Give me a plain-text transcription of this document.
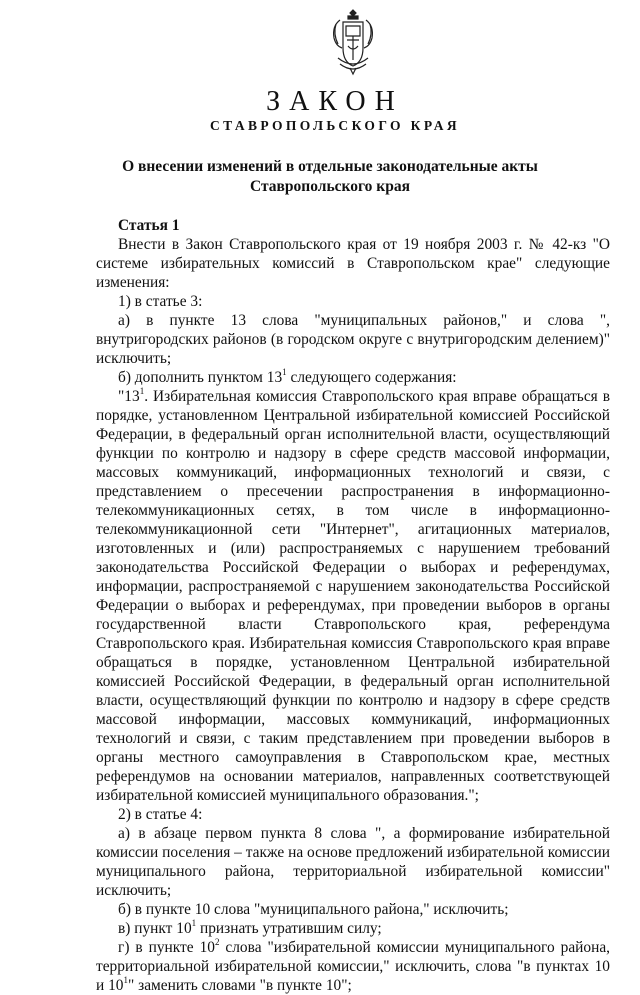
ЗАКОН
СТАВРОПОЛЬСКОГО КРАЯ
О внесении изменений в отдельные законодательные акты
Ставропольского края

Статья 1

Внести в Закон Ставропольского края от 19 ноября 2003 г. № 42-кз "О системе избирательных комиссий в Ставропольском крае" следующие изменения:

1) в статье 3:

а) в пункте 13 слова "муниципальных районов," и слова ", внутригородских районов (в городском округе с внутригородским делением)" исключить;

б) дополнить пунктом $13^1$ следующего содержания:

"$13^1$. Избирательная комиссия Ставропольского края вправе обращаться в порядке, установленном Центральной избирательной комиссией Российской Федерации, в федеральный орган исполнительной власти, осуществляющий функции по контролю и надзору в сфере средств массовой информации, массовых коммуникаций, информационных технологий и связи, с представлением о пресечении распространения в информационно-телекоммуникационных сетях, в том числе в информационно-телекоммуникационной сети "Интернет", агитационных материалов, изготовленных и (или) распространяемых с нарушением требований законодательства Российской Федерации о выборах и референдумах, информации, распространяемой с нарушением законодательства Российской Федерации о выборах и референдумах, при проведении выборов в органы государственной власти Ставропольского края, референдума Ставропольского края. Избирательная комиссия Ставропольского края вправе обращаться в порядке, установленном Центральной избирательной комиссией Российской Федерации, в федеральный орган исполнительной власти, осуществляющий функции по контролю и надзору в сфере средств массовой информации, массовых коммуникаций, информационных технологий и связи, с таким представлением при проведении выборов в органы местного самоуправления в Ставропольском крае, местных референдумов на основании материалов, направленных соответствующей избирательной комиссией муниципального образования.";

2) в статье 4:

а) в абзаце первом пункта 8 слова ", а формирование избирательной комиссии поселения – также на основе предложений избирательной комиссии муниципального района, территориальной избирательной комиссии" исключить;

б) в пункте 10 слова "муниципального района," исключить;

в) пункт $10^1$ признать утратившим силу;

г) в пункте $10^2$ слова "избирательной комиссии муниципального района, территориальной избирательной комиссии," исключить, слова "в пунктах 10 и $10^1$" заменить словами "в пункте 10";
